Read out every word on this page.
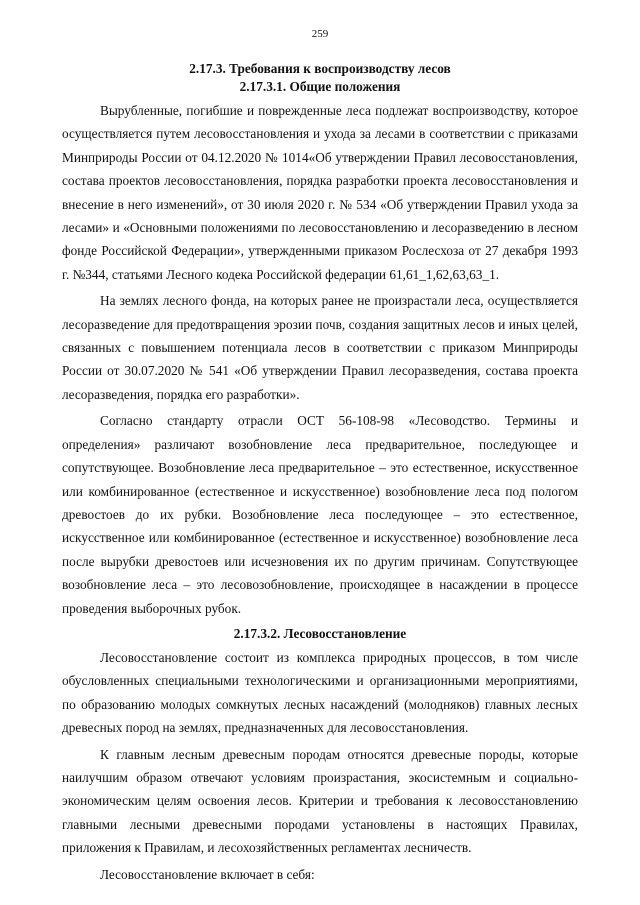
259
2.17.3. Требования к воспроизводству лесов
2.17.3.1. Общие положения

Вырубленные, погибшие и поврежденные леса подлежат воспроизводству, которое осуществляется путем лесовосстановления и ухода за лесами в соответствии с приказами Минприроды России от 04.12.2020 № 1014«Об утверждении Правил лесовосстановления, состава проектов лесовосстановления, порядка разработки проекта лесовосстановления и внесение в него изменений», от 30 июля 2020 г. № 534 «Об утверждении Правил ухода за лесами» и «Основными положениями по лесовосстановлению и лесоразведению в лесном фонде Российской Федерации», утвержденными приказом Рослесхоза от 27 декабря 1993 г. №344, статьями Лесного кодека Российской федерации 61,61_1,62,63,63_1.

На землях лесного фонда, на которых ранее не произрастали леса, осуществляется лесоразведение для предотвращения эрозии почв, создания защитных лесов и иных целей, связанных с повышением потенциала лесов в соответствии с приказом Минприроды России от 30.07.2020 № 541 «Об утверждении Правил лесоразведения, состава проекта лесоразведения, порядка его разработки».

Согласно стандарту отрасли ОСТ 56-108-98 «Лесоводство. Термины и определения» различают возобновление леса предварительное, последующее и сопутствующее. Возобновление леса предварительное – это естественное, искусственное или комбинированное (естественное и искусственное) возобновление леса под пологом древостоев до их рубки. Возобновление леса последующее – это естественное, искусственное или комбинированное (естественное и искусственное) возобновление леса после вырубки древостоев или исчезновения их по другим причинам. Сопутствующее возобновление леса – это лесовозобновление, происходящее в насаждении в процессе проведения выборочных рубок.

2.17.3.2. Лесовосстановление

Лесовосстановление состоит из комплекса природных процессов, в том числе обусловленных специальными технологическими и организационными мероприятиями, по образованию молодых сомкнутых лесных насаждений (молодняков) главных лесных древесных пород на землях, предназначенных для лесовосстановления.

К главным лесным древесным породам относятся древесные породы, которые наилучшим образом отвечают условиям произрастания, экосистемным и социально-экономическим целям освоения лесов. Критерии и требования к лесовосстановлению главными лесными древесными породами установлены в настоящих Правилах, приложения к Правилам, и лесохозяйственных регламентах лесничеств.

Лесовосстановление включает в себя:
